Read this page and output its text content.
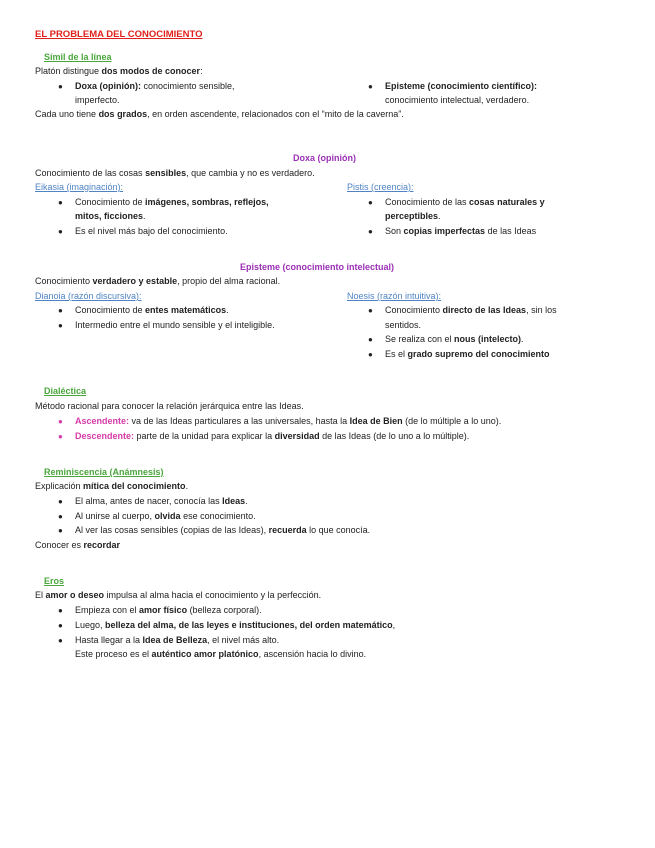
EL PROBLEMA DEL CONOCIMIENTO
Símil de la línea
Platón distingue dos modos de conocer:
● Doxa (opinión): conocimiento sensible,
imperfecto.
● Episteme (conocimiento científico):
conocimiento intelectual, verdadero.
Cada uno tiene dos grados, en orden ascendente, relacionados con el “mito de la caverna”.
Doxa (opinión)
Conocimiento de las cosas sensibles, que cambia y no es verdadero.
Eikasia (imaginación):
● Conocimiento de imágenes, sombras, reflejos,
mitos, ficciones.
● Es el nivel más bajo del conocimiento.
Pistis (creencia):
● Conocimiento de las cosas naturales y
perceptibles.
● Son copias imperfectas de las Ideas
Episteme (conocimiento intelectual)
Conocimiento verdadero y estable, propio del alma racional.
Dianoia (razón discursiva):
● Conocimiento de entes matemáticos.
● Intermedio entre el mundo sensible y el inteligible.
Noesis (razón intuitiva):
● Conocimiento directo de las Ideas, sin los
sentidos.
● Se realiza con el nous (intelecto).
● Es el grado supremo del conocimiento
Dialéctica
Método racional para conocer la relación jerárquica entre las Ideas.
● Ascendente: va de las Ideas particulares a las universales, hasta la Idea de Bien (de lo múltiple a lo uno).
● Descendente: parte de la unidad para explicar la diversidad de las Ideas (de lo uno a lo múltiple).
Reminiscencia (Anámnesis)
Explicación mítica del conocimiento.
● El alma, antes de nacer, conocía las Ideas.
● Al unirse al cuerpo, olvida ese conocimiento.
● Al ver las cosas sensibles (copias de las Ideas), recuerda lo que conocía.
Conocer es recordar
Eros
El amor o deseo impulsa al alma hacia el conocimiento y la perfección.
● Empieza con el amor físico (belleza corporal).
● Luego, belleza del alma, de las leyes e instituciones, del orden matemático,
● Hasta llegar a la Idea de Belleza, el nivel más alto.
Este proceso es el auténtico amor platónico, ascensión hacia lo divino.
